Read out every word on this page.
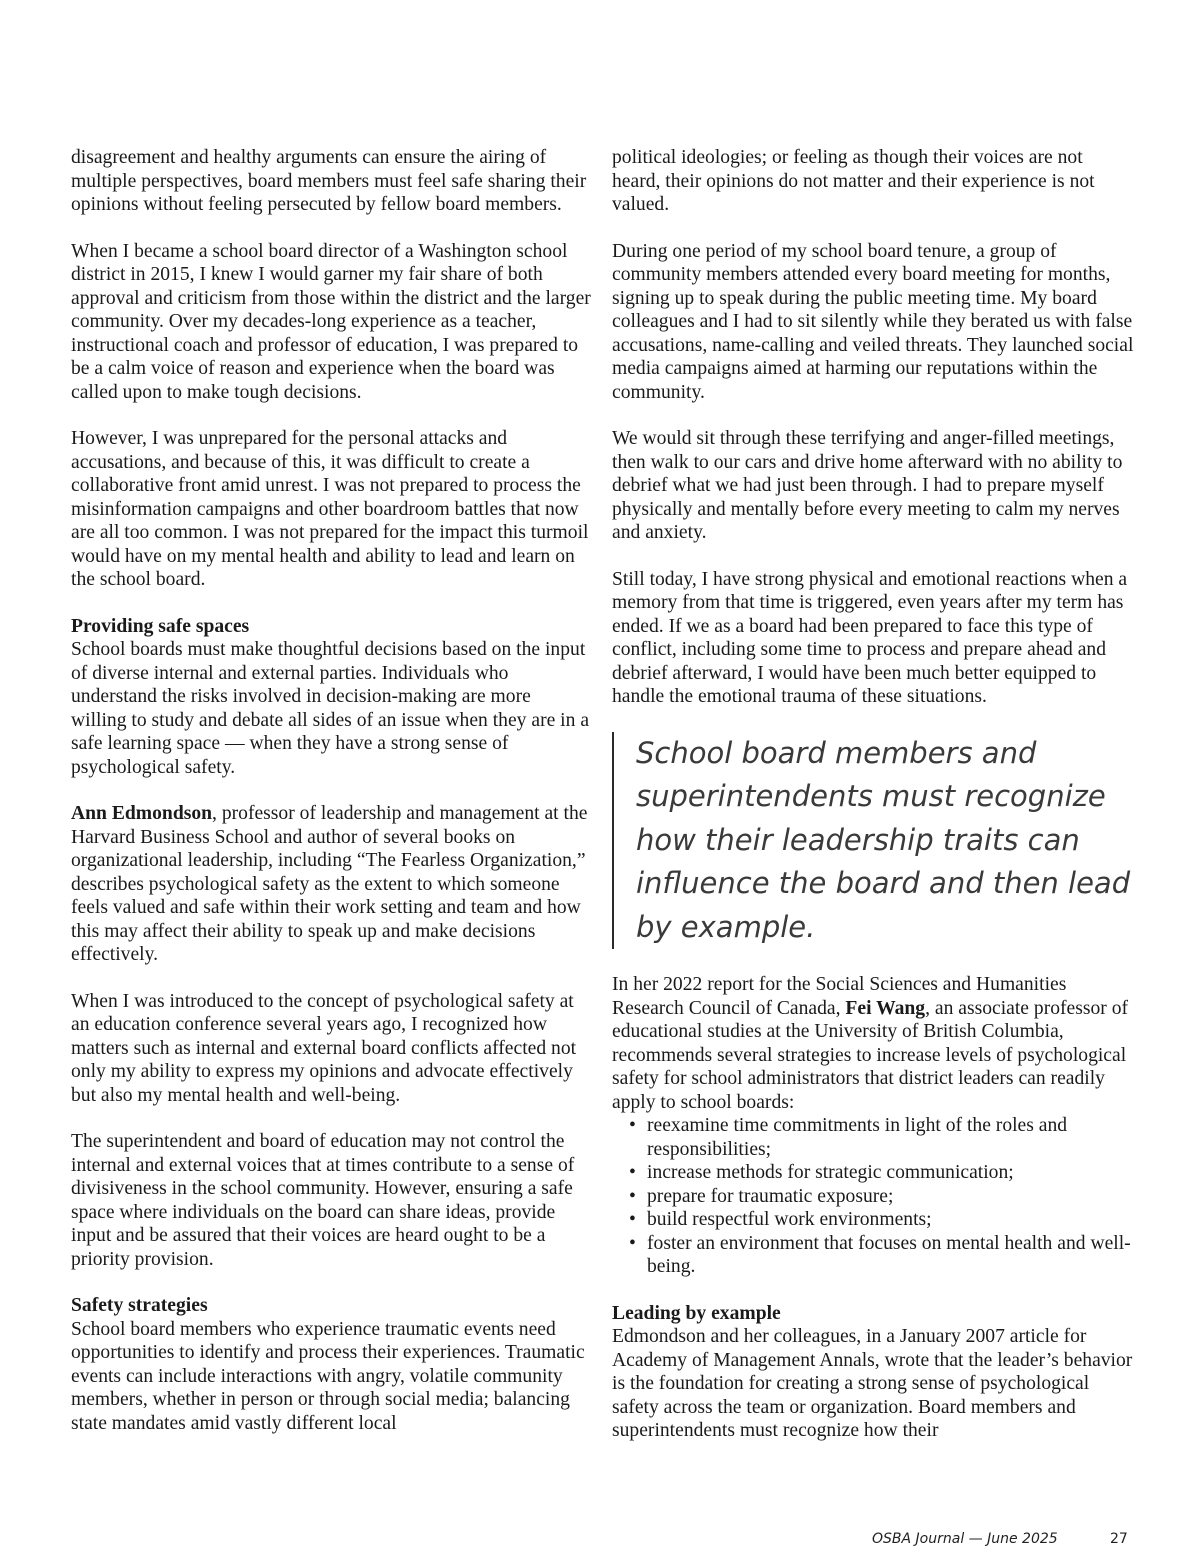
disagreement and healthy arguments can ensure the airing of multiple perspectives, board members must feel safe sharing their opinions without feeling persecuted by fellow board members.

When I became a school board director of a Washington school district in 2015, I knew I would garner my fair share of both approval and criticism from those within the district and the larger community. Over my decades-long experience as a teacher, instructional coach and professor of education, I was prepared to be a calm voice of reason and experience when the board was called upon to make tough decisions.

However, I was unprepared for the personal attacks and accusations, and because of this, it was difficult to create a collaborative front amid unrest. I was not prepared to process the misinformation campaigns and other boardroom battles that now are all too common. I was not prepared for the impact this turmoil would have on my mental health and ability to lead and learn on the school board.

Providing safe spaces

School boards must make thoughtful decisions based on the input of diverse internal and external parties. Individuals who understand the risks involved in decision-making are more willing to study and debate all sides of an issue when they are in a safe learning space — when they have a strong sense of psychological safety.

Ann Edmondson, professor of leadership and management at the Harvard Business School and author of several books on organizational leadership, including “The Fearless Organization,” describes psychological safety as the extent to which someone feels valued and safe within their work setting and team and how this may affect their ability to speak up and make decisions effectively.

When I was introduced to the concept of psychological safety at an education conference several years ago, I recognized how matters such as internal and external board conflicts affected not only my ability to express my opinions and advocate effectively but also my mental health and well-being.

The superintendent and board of education may not control the internal and external voices that at times contribute to a sense of divisiveness in the school community. However, ensuring a safe space where individuals on the board can share ideas, provide input and be assured that their voices are heard ought to be a priority provision.

Safety strategies

School board members who experience traumatic events need opportunities to identify and process their experiences. Traumatic events can include interactions with angry, volatile community members, whether in person or through social media; balancing state mandates amid vastly different local

political ideologies; or feeling as though their voices are not heard, their opinions do not matter and their experience is not valued.

During one period of my school board tenure, a group of community members attended every board meeting for months, signing up to speak during the public meeting time. My board colleagues and I had to sit silently while they berated us with false accusations, name-calling and veiled threats. They launched social media campaigns aimed at harming our reputations within the community.

We would sit through these terrifying and anger-filled meetings, then walk to our cars and drive home afterward with no ability to debrief what we had just been through. I had to prepare myself physically and mentally before every meeting to calm my nerves and anxiety.

Still today, I have strong physical and emotional reactions when a memory from that time is triggered, even years after my term has ended. If we as a board had been prepared to face this type of conflict, including some time to process and prepare ahead and debrief afterward, I would have been much better equipped to handle the emotional trauma of these situations.

School board members and superintendents must recognize how their leadership traits can influence the board and then lead by example.

In her 2022 report for the Social Sciences and Humanities Research Council of Canada, Fei Wang, an associate professor of educational studies at the University of British Columbia, recommends several strategies to increase levels of psychological safety for school administrators that district leaders can readily apply to school boards:

• reexamine time commitments in light of the roles and responsibilities;
• increase methods for strategic communication;
• prepare for traumatic exposure;
• build respectful work environments;
• foster an environment that focuses on mental health and well-being.
Leading by example

Edmondson and her colleagues, in a January 2007 article for Academy of Management Annals, wrote that the leader’s behavior is the foundation for creating a strong sense of psychological safety across the team or organization. Board members and superintendents must recognize how their

OSBA Journal — June 2025	27
